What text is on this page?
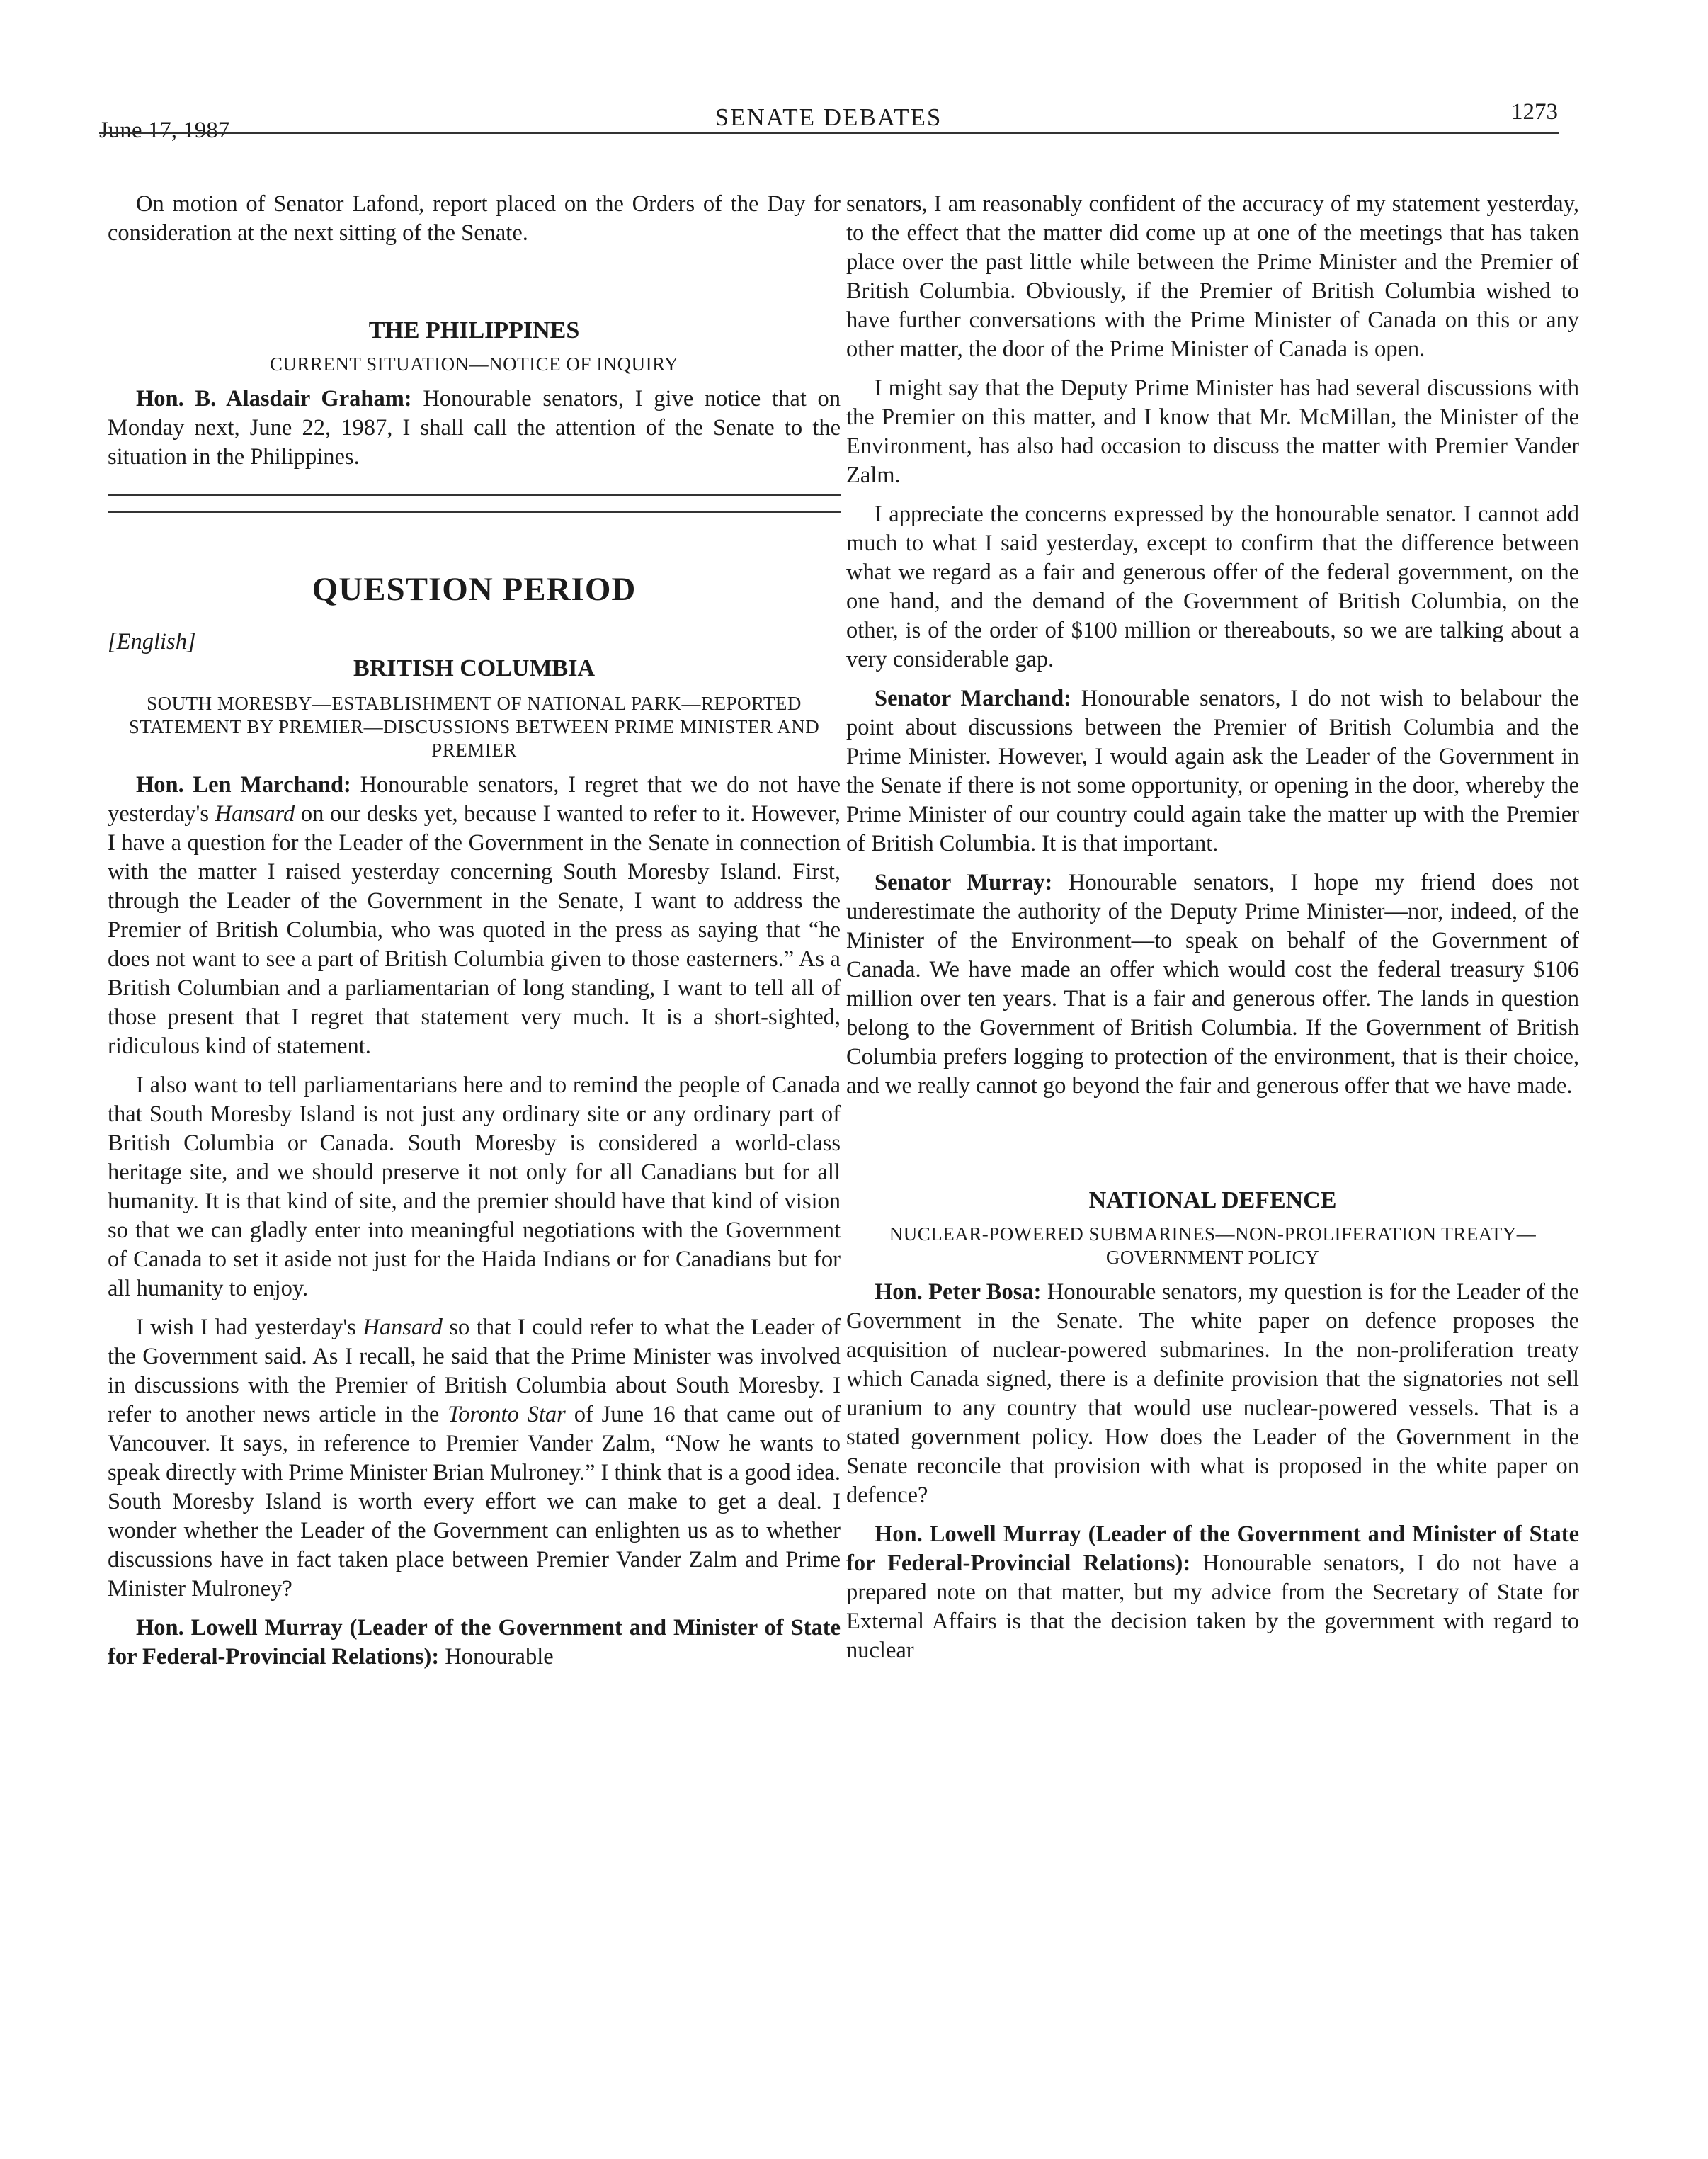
June 17, 1987	SENATE DEBATES	1273

On motion of Senator Lafond, report placed on the Orders of the Day for consideration at the next sitting of the Senate.

THE PHILIPPINES
CURRENT SITUATION—NOTICE OF INQUIRY

Hon. B. Alasdair Graham: Honourable senators, I give notice that on Monday next, June 22, 1987, I shall call the attention of the Senate to the situation in the Philippines.

QUESTION PERIOD

[English]

BRITISH COLUMBIA
SOUTH MORESBY—ESTABLISHMENT OF NATIONAL PARK—REPORTED STATEMENT BY PREMIER—DISCUSSIONS BETWEEN PRIME MINISTER AND PREMIER

Hon. Len Marchand: Honourable senators, I regret that we do not have yesterday's Hansard on our desks yet, because I wanted to refer to it. However, I have a question for the Leader of the Government in the Senate in connection with the matter I raised yesterday concerning South Moresby Island. First, through the Leader of the Government in the Senate, I want to address the Premier of British Columbia, who was quoted in the press as saying that “he does not want to see a part of British Columbia given to those easterners.” As a British Columbian and a parliamentarian of long standing, I want to tell all of those present that I regret that statement very much. It is a short-sighted, ridiculous kind of statement.

I also want to tell parliamentarians here and to remind the people of Canada that South Moresby Island is not just any ordinary site or any ordinary part of British Columbia or Canada. South Moresby is considered a world-class heritage site, and we should preserve it not only for all Canadians but for all humanity. It is that kind of site, and the premier should have that kind of vision so that we can gladly enter into meaningful negotiations with the Government of Canada to set it aside not just for the Haida Indians or for Canadians but for all humanity to enjoy.

I wish I had yesterday's Hansard so that I could refer to what the Leader of the Government said. As I recall, he said that the Prime Minister was involved in discussions with the Premier of British Columbia about South Moresby. I refer to another news article in the Toronto Star of June 16 that came out of Vancouver. It says, in reference to Premier Vander Zalm, “Now he wants to speak directly with Prime Minister Brian Mulroney.” I think that is a good idea. South Moresby Island is worth every effort we can make to get a deal. I wonder whether the Leader of the Government can enlighten us as to whether discussions have in fact taken place between Premier Vander Zalm and Prime Minister Mulroney?

Hon. Lowell Murray (Leader of the Government and Minister of State for Federal-Provincial Relations): Honourable

senators, I am reasonably confident of the accuracy of my statement yesterday, to the effect that the matter did come up at one of the meetings that has taken place over the past little while between the Prime Minister and the Premier of British Columbia. Obviously, if the Premier of British Columbia wished to have further conversations with the Prime Minister of Canada on this or any other matter, the door of the Prime Minister of Canada is open.

I might say that the Deputy Prime Minister has had several discussions with the Premier on this matter, and I know that Mr. McMillan, the Minister of the Environment, has also had occasion to discuss the matter with Premier Vander Zalm.

I appreciate the concerns expressed by the honourable senator. I cannot add much to what I said yesterday, except to confirm that the difference between what we regard as a fair and generous offer of the federal government, on the one hand, and the demand of the Government of British Columbia, on the other, is of the order of $100 million or thereabouts, so we are talking about a very considerable gap.

Senator Marchand: Honourable senators, I do not wish to belabour the point about discussions between the Premier of British Columbia and the Prime Minister. However, I would again ask the Leader of the Government in the Senate if there is not some opportunity, or opening in the door, whereby the Prime Minister of our country could again take the matter up with the Premier of British Columbia. It is that important.

Senator Murray: Honourable senators, I hope my friend does not underestimate the authority of the Deputy Prime Minister—nor, indeed, of the Minister of the Environment—to speak on behalf of the Government of Canada. We have made an offer which would cost the federal treasury $106 million over ten years. That is a fair and generous offer. The lands in question belong to the Government of British Columbia. If the Government of British Columbia prefers logging to protection of the environment, that is their choice, and we really cannot go beyond the fair and generous offer that we have made.

NATIONAL DEFENCE
NUCLEAR-POWERED SUBMARINES—NON-PROLIFERATION TREATY—GOVERNMENT POLICY

Hon. Peter Bosa: Honourable senators, my question is for the Leader of the Government in the Senate. The white paper on defence proposes the acquisition of nuclear-powered submarines. In the non-proliferation treaty which Canada signed, there is a definite provision that the signatories not sell uranium to any country that would use nuclear-powered vessels. That is a stated government policy. How does the Leader of the Government in the Senate reconcile that provision with what is proposed in the white paper on defence?

Hon. Lowell Murray (Leader of the Government and Minister of State for Federal-Provincial Relations): Honourable senators, I do not have a prepared note on that matter, but my advice from the Secretary of State for External Affairs is that the decision taken by the government with regard to nuclear
